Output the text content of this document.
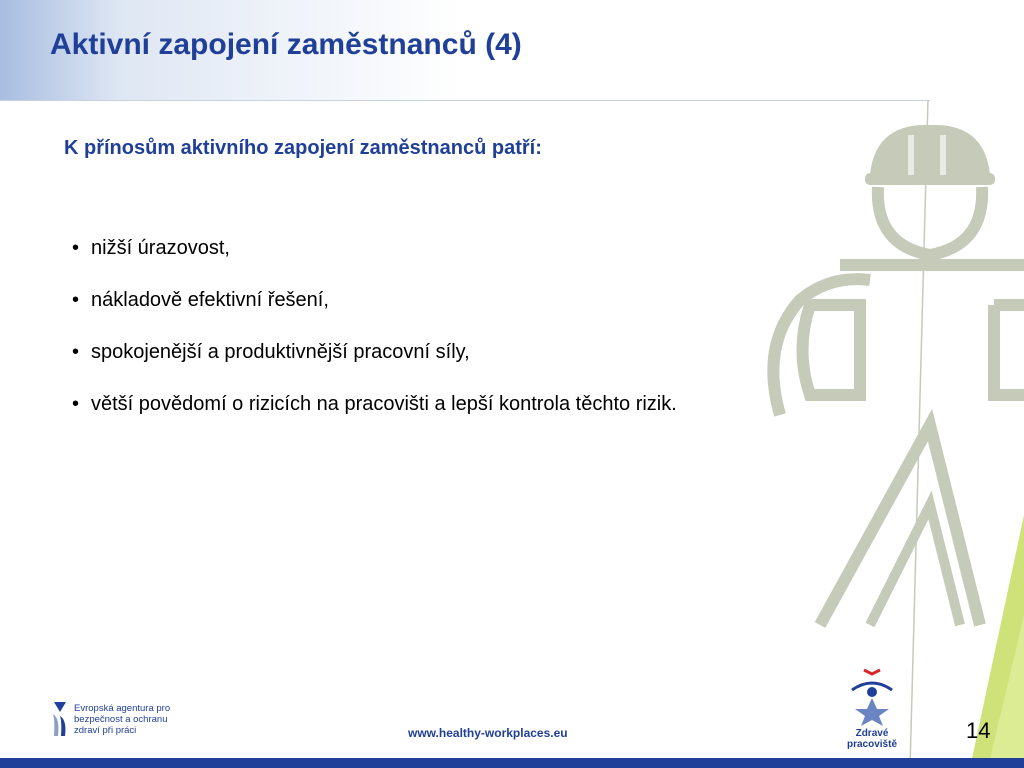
Aktivní zapojení zaměstnanců (4)
K přínosům aktivního zapojení zaměstnanců patří:
• nižší úrazovost,
• nákladově efektivní řešení,
• spokojenější a produktivnější pracovní síly,
• větší povědomí o rizicích na pracovišti a lepší kontrola těchto rizik.
Evropská agentura pro
bezpečnost a ochranu
zdraví při práci	www.healthy-workplaces.eu	Zdravé pracoviště
14
